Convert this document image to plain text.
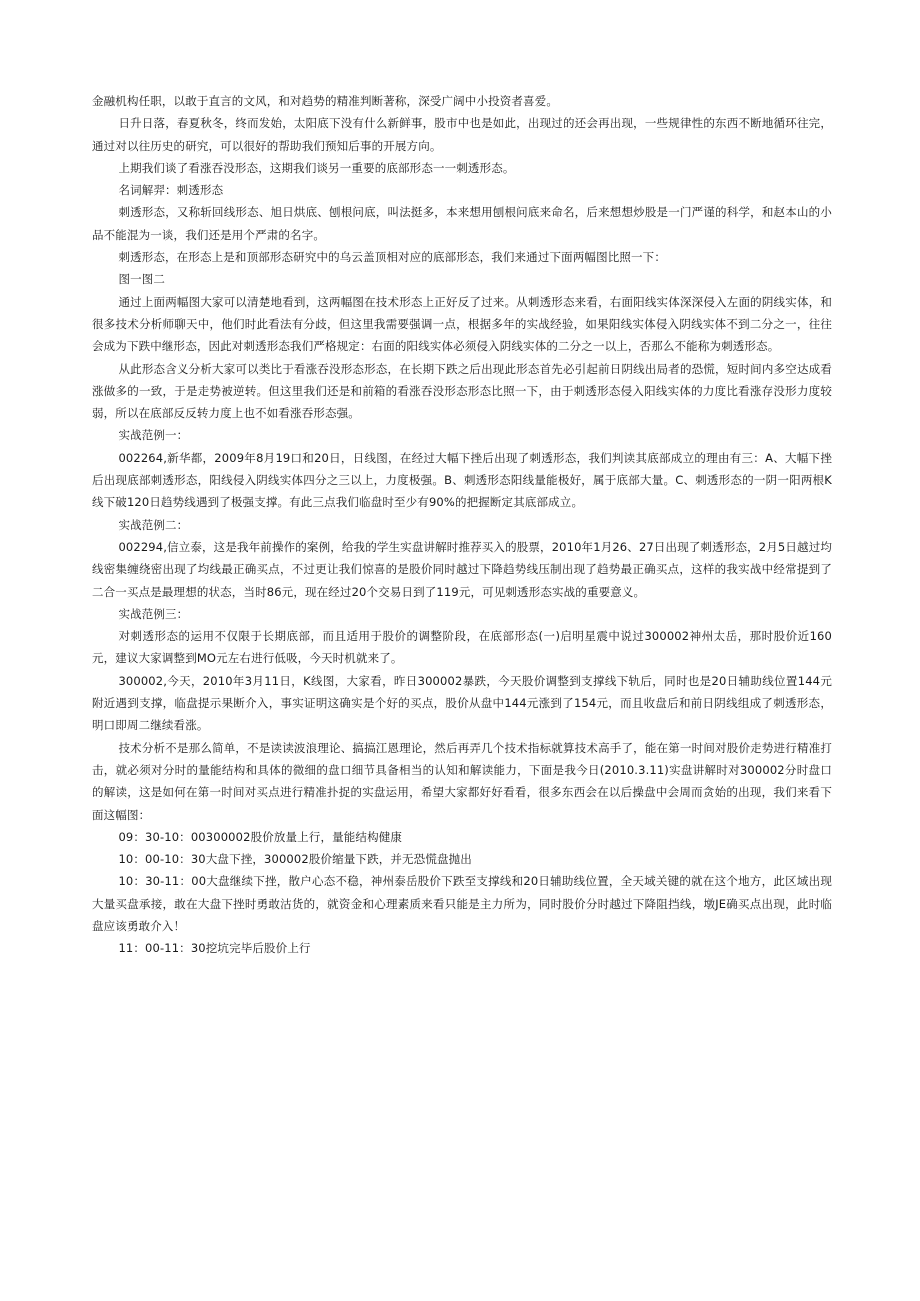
金融机构任职，以敢于直言的文风，和对趋势的精准判断著称，深受广阔中小投资者喜爱。

日升日落，春夏秋冬，终而发始，太阳底下没有什么新鲜事，股市中也是如此，出现过的还会再出现，一些规律性的东西不断地循环往完，通过对以往历史的研究，可以很好的帮助我们预知后事的开展方向。

上期我们谈了看涨吞没形态，这期我们谈另一重要的底部形态一一刺透形态。

名词解羿：刺透形态

刺透形态，又称斩回线形态、旭日烘底、刨根问底，叫法挺多，本来想用刨根问底来命名，后来想想炒股是一门严谨的科学，和赵本山的小品不能混为一谈，我们还是用个严肃的名字。

刺透形态，在形态上是和顶部形态研究中的乌云盖顶相对应的底部形态，我们来通过下面两幅图比照一下：

图一图二

通过上面两幅图大家可以清楚地看到，这两幅图在技术形态上正好反了过来。从刺透形态来看，右面阳线实体深深侵入左面的阴线实体，和很多技术分析师聊天中，他们时此看法有分歧，但这里我需要强调一点，根据多年的实战经验，如果阳线实体侵入阴线实体不到二分之一，往往会成为下跌中继形态，因此对刺透形态我们严格规定：右面的阳线实体必须侵入阴线实体的二分之一以上，否那么不能称为刺透形态。

从此形态含义分析大家可以类比于看涨吞没形态形态，在长期下跌之后出现此形态首先必引起前日阴线出局者的恐慌，短时间内多空达成看涨做多的一致，于是走势被逆转。但这里我们还是和前箱的看涨吞没形态形态比照一下，由于刺透形态侵入阳线实体的力度比看涨存没形力度较弱，所以在底部反反转力度上也不如看涨吞形态强。

实战范例一：

002264,新华都，2009年8月19口和20日，日线图，在经过大幅下挫后出现了刺透形态，我们判读其底部成立的理由有三：A、大幅下挫后出现底部刺透形态，阳线侵入阴线实体四分之三以上，力度极强。B、刺透形态阳线量能极好，属于底部大量。C、刺透形态的一阴一阳两根K线下破120日趋势线遇到了极强支撑。有此三点我们临盘时至少有90%的把握断定其底部成立。

实战范例二：

002294,信立泰，这是我年前操作的案例，给我的学生实盘讲解时推荐买入的股票，2010年1月26、27日出现了刺透形态，2月5日越过均线密集缠绕密出现了均线最正确买点，不过更让我们惊喜的是股价同时越过下降趋势线压制出现了趋势最正确买点，这样的我实战中经常提到了二合一买点是最理想的状态，当时86元，现在经过20个交易日到了119元，可见刺透形态实战的重要意义。

实战范例三：

对刺透形态的运用不仅限于长期底部，而且适用于股价的调整阶段，在底部形态(一)启明星震中说过300002神州太岳，那时股价近160元，建议大家调整到MO元左右进行低吸，今天时机就来了。

300002,今天，2010年3月11日，K线图，大家看，昨日300002暴跌，今天股价调整到支撑线下轨后，同时也是20日辅助线位置144元附近遇到支撑，临盘提示果断介入，事实证明这确实是个好的买点，股价从盘中144元涨到了154元，而且收盘后和前日阴线组成了刺透形态，明口即周二继续看涨。

技术分析不是那么简单，不是读读波浪理论、搞搞江恩理论，然后再弄几个技术指标就算技术高手了，能在第一时间对股价走势进行精准打击，就必须对分时的量能结构和具体的微细的盘口细节具备相当的认知和解读能力，下面是我今日(2010.3.11)实盘讲解时对300002分时盘口的解读，这是如何在第一时间对买点进行精准扑捉的实盘运用，希望大家都好好看看，很多东西会在以后操盘中会周而贪始的出现，我们来看下面这幅图：

09：30-10：00300002股价放量上行，量能结构健康

10：00-10：30大盘下挫，300002股价缩量下跌，并无恐慌盘抛出

10：30-11：00大盘继续下挫，散户心态不稳，神州泰岳股价下跌至支撑线和20日辅助线位置，全天域关键的就在这个地方，此区域出现大量买盘承接，敢在大盘下挫时勇敢沽货的，就资金和心理素质来看只能是主力所为，同时股价分时越过下降阻挡线，墩JE确买点出现，此时临盘应该勇敢介入！

11：00-11：30挖坑完毕后股价上行
